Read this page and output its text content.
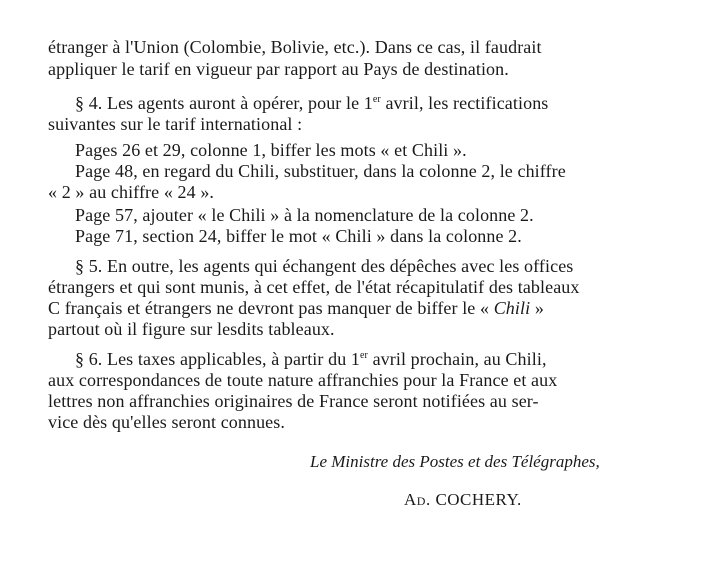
étranger à l'Union (Colombie, Bolivie, etc.). Dans ce cas, il faudrait
appliquer le tarif en vigueur par rapport au Pays de destination.
§ 4. Les agents auront à opérer, pour le 1er avril, les rectifications
suivantes sur le tarif international :
Pages 26 et 29, colonne 1, biffer les mots « et Chili ».
Page 48, en regard du Chili, substituer, dans la colonne 2, le chiffre
« 2 » au chiffre « 24 ».
Page 57, ajouter « le Chili » à la nomenclature de la colonne 2.
Page 71, section 24, biffer le mot « Chili » dans la colonne 2.
§ 5. En outre, les agents qui échangent des dépêches avec les offices
étrangers et qui sont munis, à cet effet, de l'état récapitulatif des tableaux
C français et étrangers ne devront pas manquer de biffer le « Chili »
partout où il figure sur lesdits tableaux.
§ 6. Les taxes applicables, à partir du 1er avril prochain, au Chili,
aux correspondances de toute nature affranchies pour la France et aux
lettres non affranchies originaires de France seront notifiées au ser-
vice dès qu'elles seront connues.
Le Ministre des Postes et des Télégraphes,
Ad. COCHERY.
